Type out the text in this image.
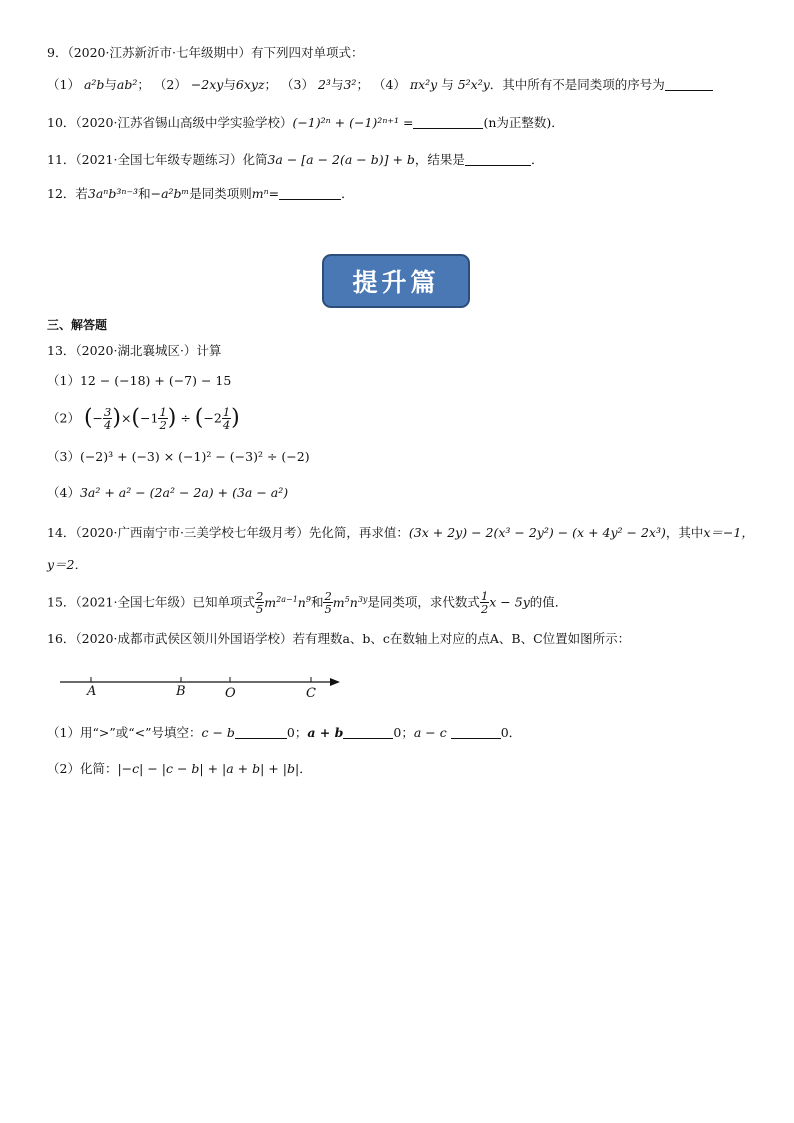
9．（2020·江苏新沂市·七年级期中）有下列四对单项式：
（1） a²b与ab²； （2） −2xy与6xyz； （3） 2³与3²； （4） πx²y 与 5²x²y．其中所有不是同类项的序号为
10．（2020·江苏省锡山高级中学实验学校）(−1)²ⁿ + (−1)²ⁿ⁺¹ =	(n为正整数)．
11．（2021·全国七年级专题练习）化简3a − [a − 2(a − b)] + b，结果是	．
12．若3aⁿb³ⁿ⁻³和−a²bᵐ是同类项则mⁿ=	．
提升篇
三、解答题
13．（2020·湖北襄城区·）计算
（1）12 − (−18) + (−7) − 15
（2） (− $\frac{3}{4} )\times(-1 \frac{1}{2}$ ) ÷ ($-2 \frac{1}{4}$ )
（3）(−2)³ + (−3) × (−1)² − (−3)² ÷ (−2)
（4）3a² + a² − (2a² − 2a) + (3a − a²)
14．（2020·广西南宁市·三美学校七年级月考）先化简，再求值：(3x + 2y) − 2(x³ − 2y²) − (x + 4y² − 2x³)，其中x＝−1，
y＝2．
15．（2021·全国七年级）已知单项式 $\frac{2}{5} m^{2a-1}n^9$和 $\frac{2}{5} m^5n^{3y}$是同类项，求代数式 $\frac{1}{2}$ x − 5y的值．
16．（2020·成都市武侯区领川外国语学校）若有理数a、b、c在数轴上对应的点A、B、C位置如图所示：
A	B	O	C
（1）用“>”或“<”号填空：c − b	0；a + b	0；a − c	0．
（2）化简：|−c| − |c − b| + |a + b| + |b|．
